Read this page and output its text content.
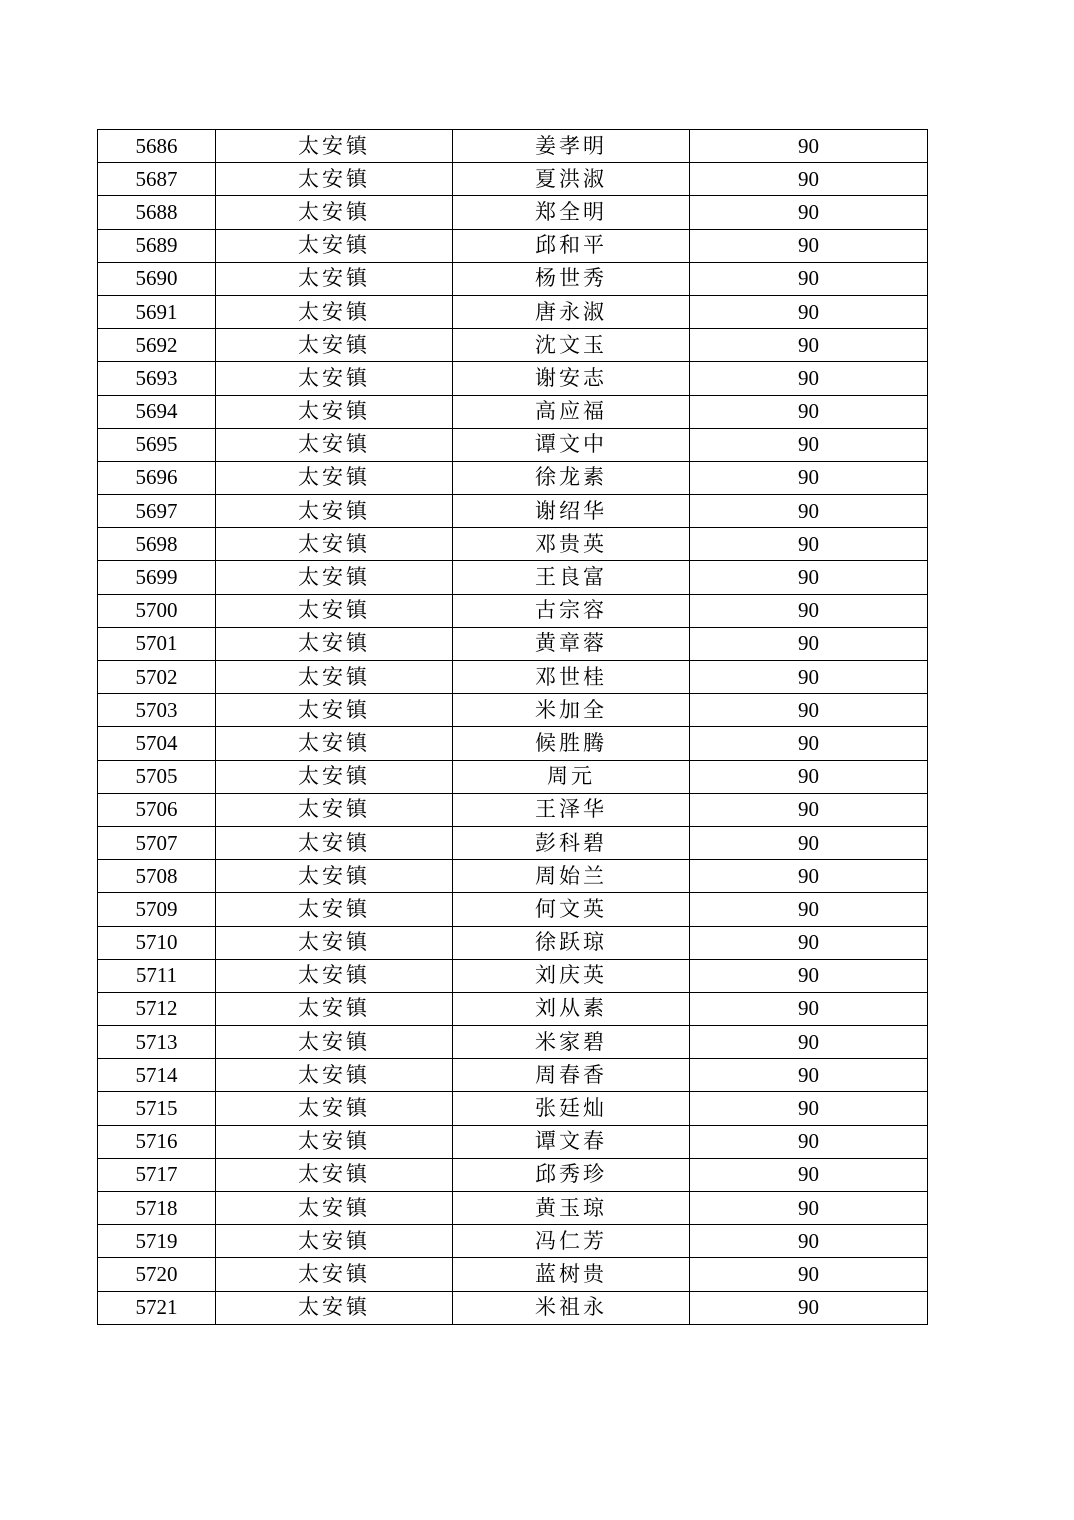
5686	太安镇	姜孝明	90
5687	太安镇	夏洪淑	90
5688	太安镇	郑全明	90
5689	太安镇	邱和平	90
5690	太安镇	杨世秀	90
5691	太安镇	唐永淑	90
5692	太安镇	沈文玉	90
5693	太安镇	谢安志	90
5694	太安镇	高应福	90
5695	太安镇	谭文中	90
5696	太安镇	徐龙素	90
5697	太安镇	谢绍华	90
5698	太安镇	邓贵英	90
5699	太安镇	王良富	90
5700	太安镇	古宗容	90
5701	太安镇	黄章蓉	90
5702	太安镇	邓世桂	90
5703	太安镇	米加全	90
5704	太安镇	候胜腾	90
5705	太安镇	周元	90
5706	太安镇	王泽华	90
5707	太安镇	彭科碧	90
5708	太安镇	周始兰	90
5709	太安镇	何文英	90
5710	太安镇	徐跃琼	90
5711	太安镇	刘庆英	90
5712	太安镇	刘从素	90
5713	太安镇	米家碧	90
5714	太安镇	周春香	90
5715	太安镇	张廷灿	90
5716	太安镇	谭文春	90
5717	太安镇	邱秀珍	90
5718	太安镇	黄玉琼	90
5719	太安镇	冯仁芳	90
5720	太安镇	蓝树贵	90
5721	太安镇	米祖永	90
